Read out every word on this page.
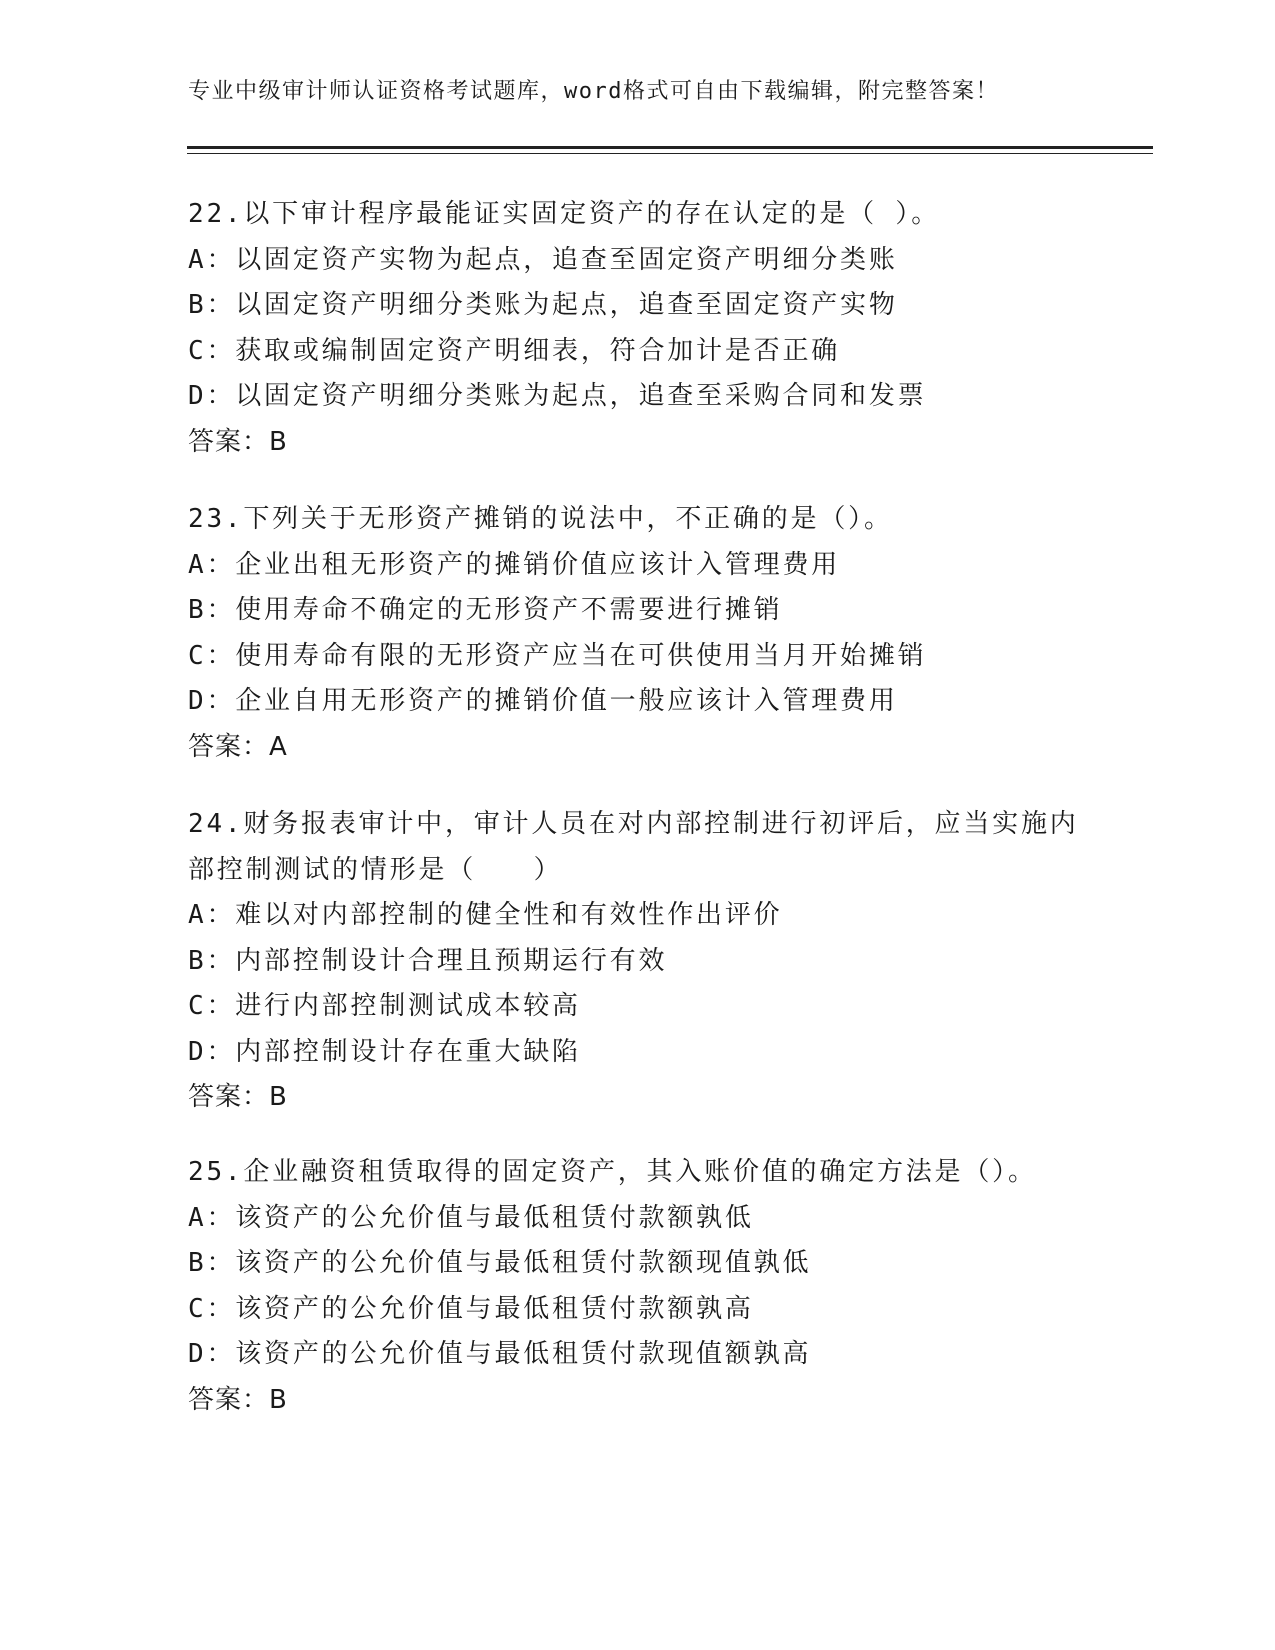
专业中级审计师认证资格考试题库，word格式可自由下载编辑，附完整答案！
22.以下审计程序最能证实固定资产的存在认定的是（ ）。
A：以固定资产实物为起点，追查至固定资产明细分类账
B：以固定资产明细分类账为起点，追查至固定资产实物
C：获取或编制固定资产明细表，符合加计是否正确
D：以固定资产明细分类账为起点，追查至采购合同和发票
答案：B
23.下列关于无形资产摊销的说法中，不正确的是（）。
A：企业出租无形资产的摊销价值应该计入管理费用
B：使用寿命不确定的无形资产不需要进行摊销
C：使用寿命有限的无形资产应当在可供使用当月开始摊销
D：企业自用无形资产的摊销价值一般应该计入管理费用
答案：A
24.财务报表审计中，审计人员在对内部控制进行初评后，应当实施内
部控制测试的情形是（　　）
A：难以对内部控制的健全性和有效性作出评价
B：内部控制设计合理且预期运行有效
C：进行内部控制测试成本较高
D：内部控制设计存在重大缺陷
答案：B
25.企业融资租赁取得的固定资产，其入账价值的确定方法是（）。
A：该资产的公允价值与最低租赁付款额孰低
B：该资产的公允价值与最低租赁付款额现值孰低
C：该资产的公允价值与最低租赁付款额孰高
D：该资产的公允价值与最低租赁付款现值额孰高
答案：B
